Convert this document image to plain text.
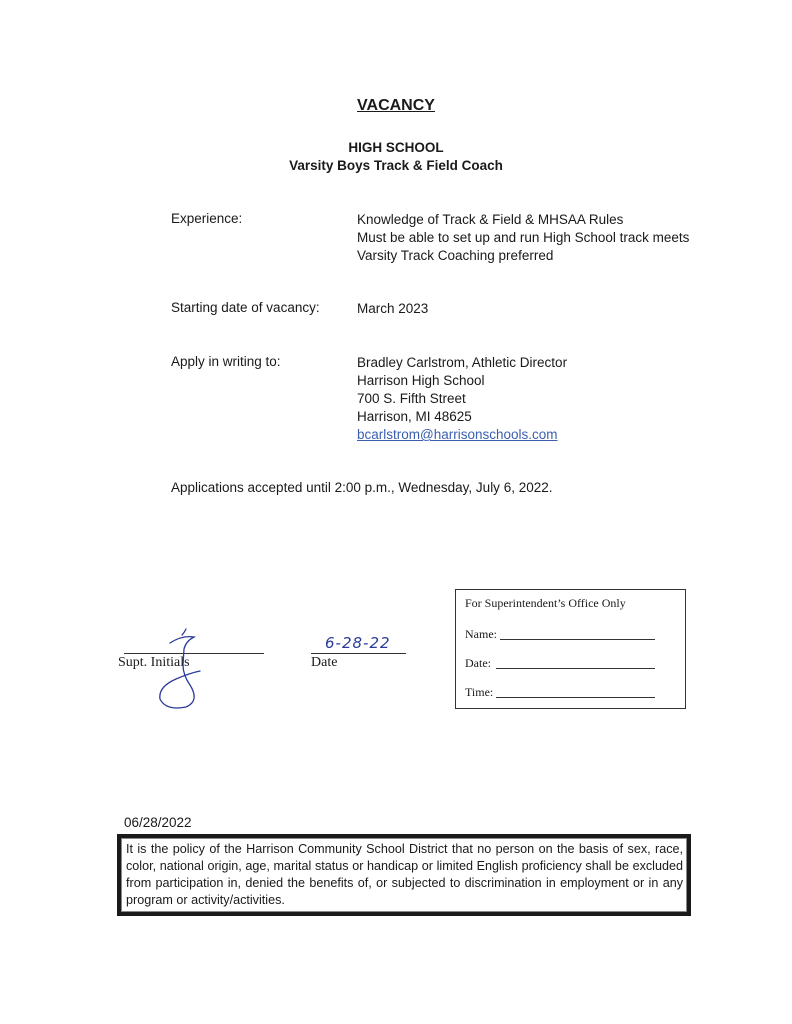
VACANCY
HIGH SCHOOL
Varsity Boys Track & Field Coach
Experience:	Knowledge of Track & Field & MHSAA Rules
Must be able to set up and run High School track meets
Varsity Track Coaching preferred
Starting date of vacancy:	March 2023
Apply in writing to:	Bradley Carlstrom, Athletic Director
Harrison High School
700 S. Fifth Street
Harrison, MI 48625
bcarlstrom@harrisonschools.com
Applications accepted until 2:00 p.m., Wednesday, July 6, 2022.
Supt. Initials	Date
6-28-22
For Superintendent’s Office Only
Name:
Date:
Time:
06/28/2022
It is the policy of the Harrison Community School District that no person on the basis of sex, race, color, national origin, age, marital status or handicap or limited English proficiency shall be excluded from participation in, denied the benefits of, or subjected to discrimination in employment or in any program or activity/activities.
